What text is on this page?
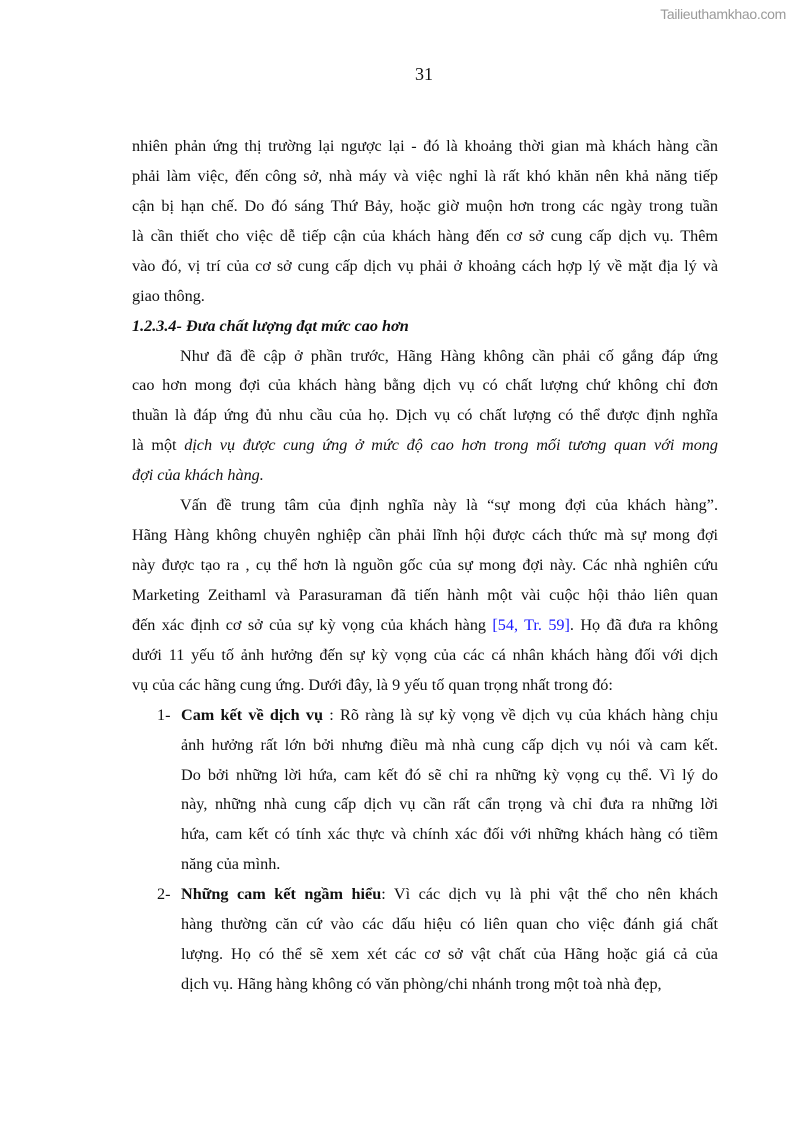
Tailieuthamkhao.com
31
nhiên phản ứng thị trường lại ngược lại - đó là khoảng thời gian mà khách hàng cần
phải làm việc, đến công sở, nhà máy và việc nghỉ là rất khó khăn nên khả năng tiếp
cận bị hạn chế. Do đó sáng Thứ Bảy, hoặc giờ muộn hơn trong các ngày trong tuần
là cần thiết cho việc dễ tiếp cận của khách hàng đến cơ sở cung cấp dịch vụ. Thêm
vào đó, vị trí của cơ sở cung cấp dịch vụ phải ở khoảng cách hợp lý về mặt địa lý và
giao thông.
1.2.3.4- Đưa chất lượng đạt mức cao hơn
Như đã đề cập ở phần trước, Hãng Hàng không cần phải cố gắng đáp ứng
cao hơn mong đợi của khách hàng bằng dịch vụ có chất lượng chứ không chỉ đơn
thuần là đáp ứng đủ nhu cầu của họ. Dịch vụ có chất lượng có thể được định nghĩa
là một dịch vụ được cung ứng ở mức độ cao hơn trong mối tương quan với mong
đợi của khách hàng.
Vấn đề trung tâm của định nghĩa này là “sự mong đợi của khách hàng”.
Hãng Hàng không chuyên nghiệp cần phải lĩnh hội được cách thức mà sự mong đợi
này được tạo ra , cụ thể hơn là nguồn gốc của sự mong đợi này. Các nhà nghiên cứu
Marketing Zeithaml và Parasuraman đã tiến hành một vài cuộc hội thảo liên quan
đến xác định cơ sở của sự kỳ vọng của khách hàng [54, Tr. 59]. Họ đã đưa ra không
dưới 11 yếu tố ảnh hưởng đến sự kỳ vọng của các cá nhân khách hàng đối với dịch
vụ của các hãng cung ứng. Dưới đây, là 9 yếu tố quan trọng nhất trong đó:
1- Cam kết về dịch vụ : Rõ ràng là sự kỳ vọng về dịch vụ của khách hàng chịu
ảnh hưởng rất lớn bởi nhưng điều mà nhà cung cấp dịch vụ nói và cam kết.
Do bởi những lời hứa, cam kết đó sẽ chỉ ra những kỳ vọng cụ thể. Vì lý do
này, những nhà cung cấp dịch vụ cần rất cẩn trọng và chỉ đưa ra những lời
hứa, cam kết có tính xác thực và chính xác đối với những khách hàng có tiềm
năng của mình.
2- Những cam kết ngầm hiểu: Vì các dịch vụ là phi vật thể cho nên khách
hàng thường căn cứ vào các dấu hiệu có liên quan cho việc đánh giá chất
lượng. Họ có thể sẽ xem xét các cơ sở vật chất của Hãng hoặc giá cả của
dịch vụ. Hãng hàng không có văn phòng/chi nhánh trong một toà nhà đẹp,
